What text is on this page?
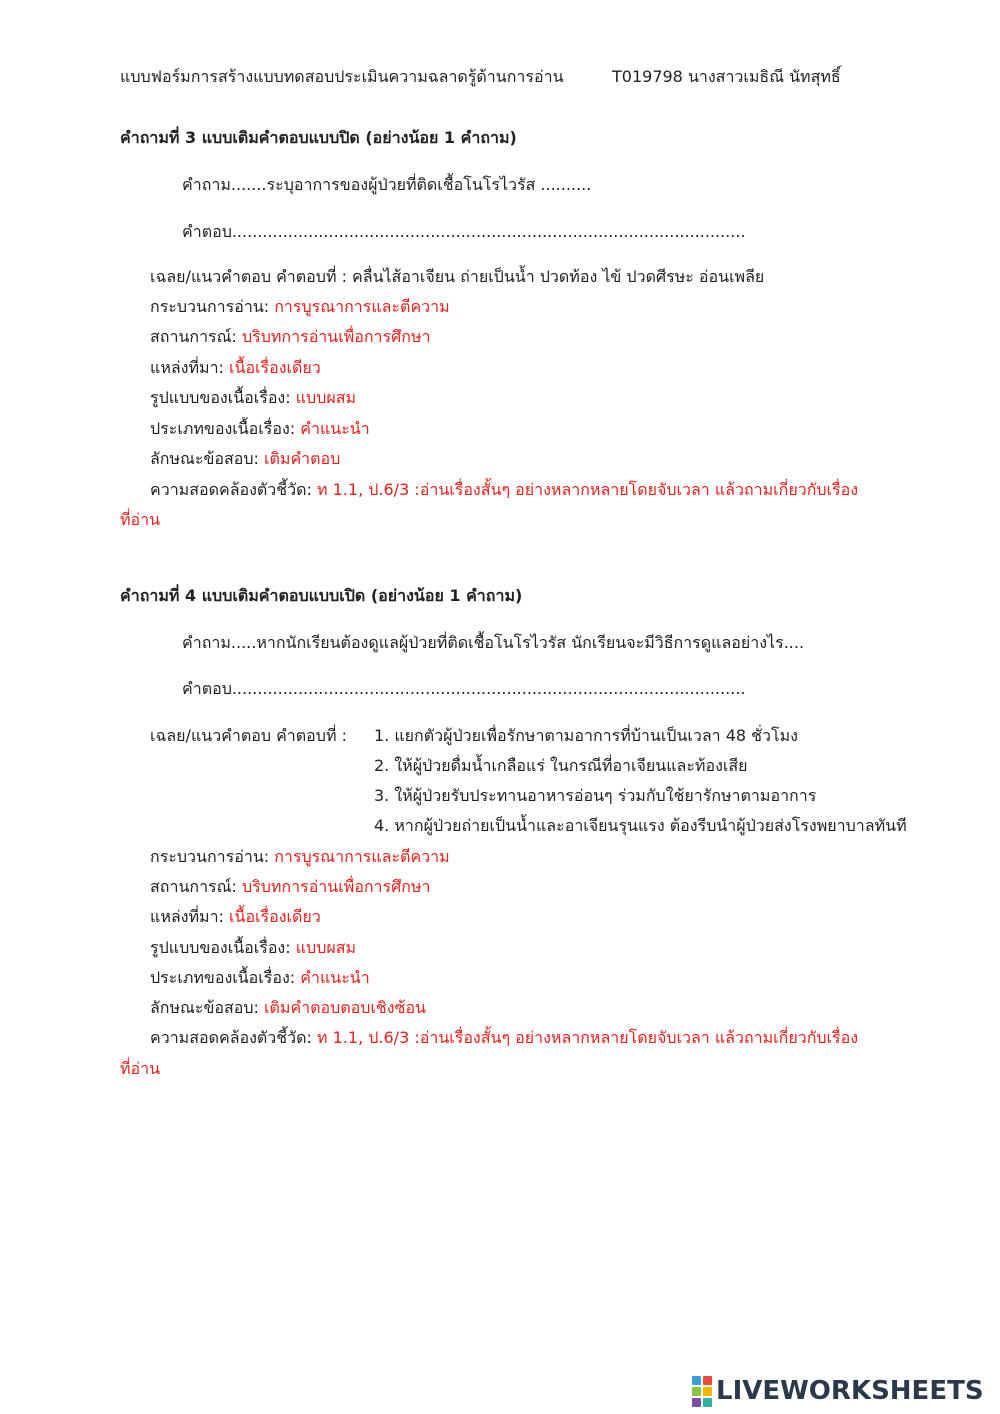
แบบฟอร์มการสร้างแบบทดสอบประเมินความฉลาดรู้ด้านการอ่าน	T019798 นางสาวเมธิณี นัทสุทธิ์
คำถามที่ 3 แบบเติมคำตอบแบบปิด (อย่างน้อย 1 คำถาม)
คำถาม.......ระบุอาการของผู้ป่วยที่ติดเชื้อโนโรไวรัส ..........
คำตอบ.....................................................................................................
เฉลย/แนวคำตอบ คำตอบที่ : คลื่นไส้อาเจียน ถ่ายเป็นน้ำ ปวดท้อง ไข้ ปวดศีรษะ อ่อนเพลีย
กระบวนการอ่าน: การบูรณาการและตีความ
สถานการณ์: บริบทการอ่านเพื่อการศึกษา
แหล่งที่มา: เนื้อเรื่องเดียว
รูปแบบของเนื้อเรื่อง: แบบผสม
ประเภทของเนื้อเรื่อง: คำแนะนำ
ลักษณะข้อสอบ: เติมคำตอบ
ความสอดคล้องตัวชี้วัด: ท 1.1, ป.6/3 :อ่านเรื่องสั้นๆ อย่างหลากหลายโดยจับเวลา แล้วถามเกี่ยวกับเรื่อง
ที่อ่าน
คำถามที่ 4 แบบเติมคำตอบแบบเปิด (อย่างน้อย 1 คำถาม)
คำถาม.....หากนักเรียนต้องดูแลผู้ป่วยที่ติดเชื้อโนโรไวรัส นักเรียนจะมีวิธีการดูแลอย่างไร....
คำตอบ.....................................................................................................
เฉลย/แนวคำตอบ คำตอบที่ : 1. แยกตัวผู้ป่วยเพื่อรักษาตามอาการที่บ้านเป็นเวลา 48 ชั่วโมง
2. ให้ผู้ป่วยดื่มน้ำเกลือแร่ ในกรณีที่อาเจียนและท้องเสีย
3. ให้ผู้ป่วยรับประทานอาหารอ่อนๆ ร่วมกับใช้ยารักษาตามอาการ
4. หากผู้ป่วยถ่ายเป็นน้ำและอาเจียนรุนแรง ต้องรีบนำผู้ป่วยส่งโรงพยาบาลทันที
กระบวนการอ่าน: การบูรณาการและตีความ
สถานการณ์: บริบทการอ่านเพื่อการศึกษา
แหล่งที่มา: เนื้อเรื่องเดียว
รูปแบบของเนื้อเรื่อง: แบบผสม
ประเภทของเนื้อเรื่อง: คำแนะนำ
ลักษณะข้อสอบ: เติมคำตอบตอบเชิงซ้อน
ความสอดคล้องตัวชี้วัด: ท 1.1, ป.6/3 :อ่านเรื่องสั้นๆ อย่างหลากหลายโดยจับเวลา แล้วถามเกี่ยวกับเรื่อง
ที่อ่าน
LIVEWORKSHEETS
